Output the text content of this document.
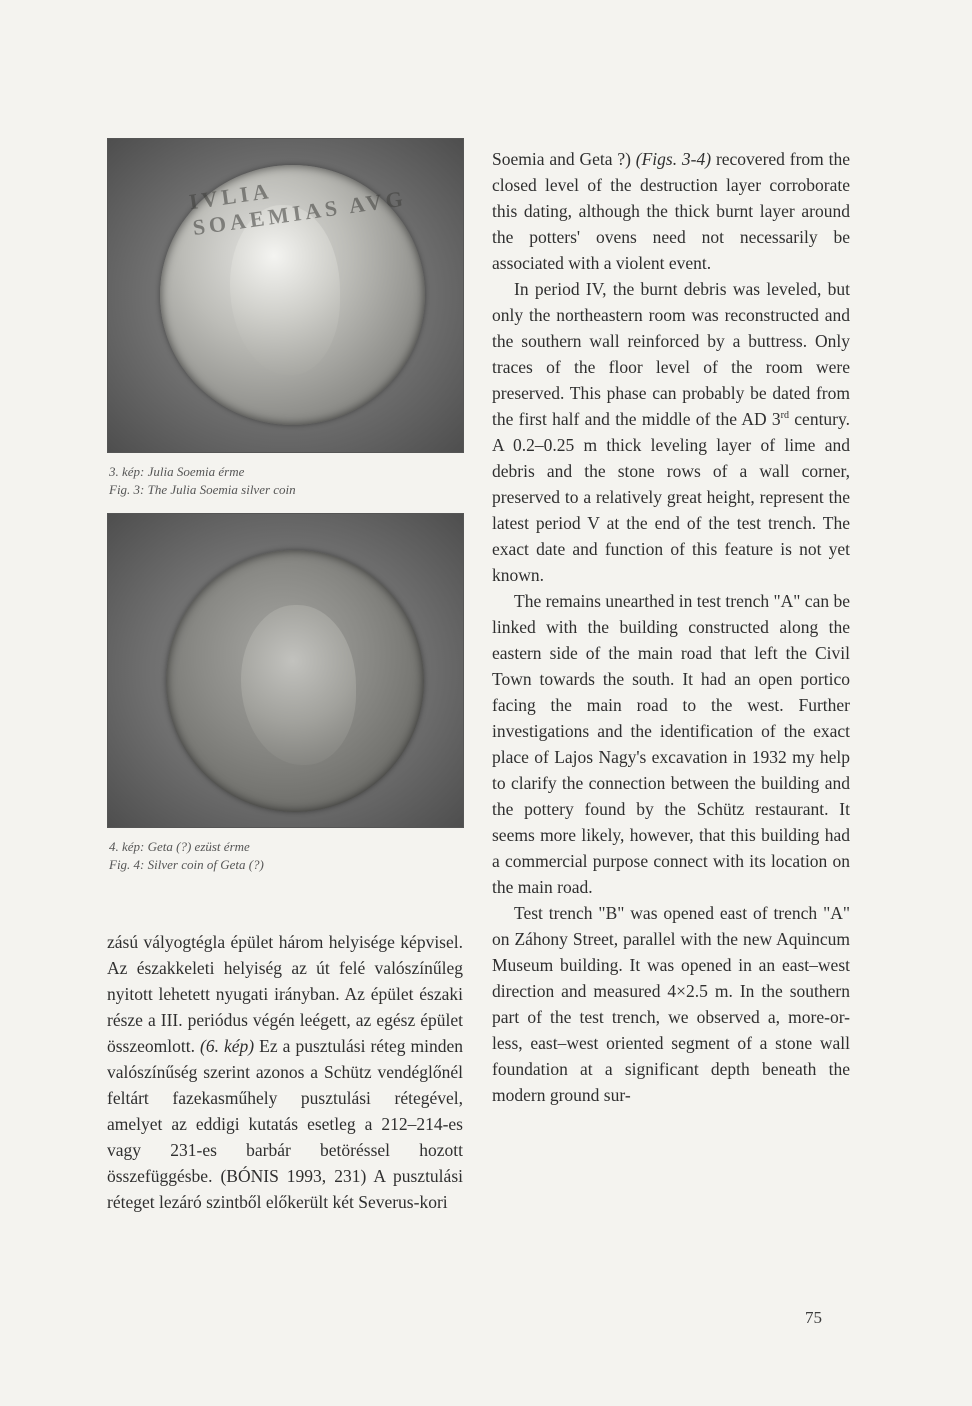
IVLIA SOAEMIAS AVG

3. kép: Julia Soemia érme
Fig. 3: The Julia Soemia silver coin

4. kép: Geta (?) ezüst érme
Fig. 4: Silver coin of Geta (?)

zású vályogtégla épület három helyisége képvisel. Az északkeleti helyiség az út felé valószínűleg nyitott lehetett nyugati irányban. Az épület északi része a III. periódus végén leégett, az egész épület összeomlott. (6. kép) Ez a pusztulási réteg minden valószínűség szerint azonos a Schütz vendéglőnél feltárt fazekasműhely pusztulási rétegével, amelyet az eddigi kutatás esetleg a 212–214-es vagy 231-es barbár betöréssel hozott összefüggésbe. (BÓNIS 1993, 231) A pusztulási réteget lezáró szintből előkerült két Severus-kori

Soemia and Geta ?) (Figs. 3-4) recovered from the closed level of the destruction layer corroborate this dating, although the thick burnt layer around the potters' ovens need not necessarily be associated with a violent event.

In period IV, the burnt debris was leveled, but only the northeastern room was reconstructed and the southern wall reinforced by a buttress. Only traces of the floor level of the room were preserved. This phase can probably be dated from the first half and the middle of the AD 3rd century. A 0.2–0.25 m thick leveling layer of lime and debris and the stone rows of a wall corner, preserved to a relatively great height, represent the latest period V at the end of the test trench. The exact date and function of this feature is not yet known.

The remains unearthed in test trench "A" can be linked with the building constructed along the eastern side of the main road that left the Civil Town towards the south. It had an open portico facing the main road to the west. Further investigations and the identification of the exact place of Lajos Nagy's excavation in 1932 my help to clarify the connection between the building and the pottery found by the Schütz restaurant. It seems more likely, however, that this building had a commercial purpose connect with its location on the main road.

Test trench "B" was opened east of trench "A" on Záhony Street, parallel with the new Aquincum Museum building. It was opened in an east–west direction and measured 4×2.5 m. In the southern part of the test trench, we observed a, more-or-less, east–west oriented segment of a stone wall foundation at a significant depth beneath the modern ground sur-

75
